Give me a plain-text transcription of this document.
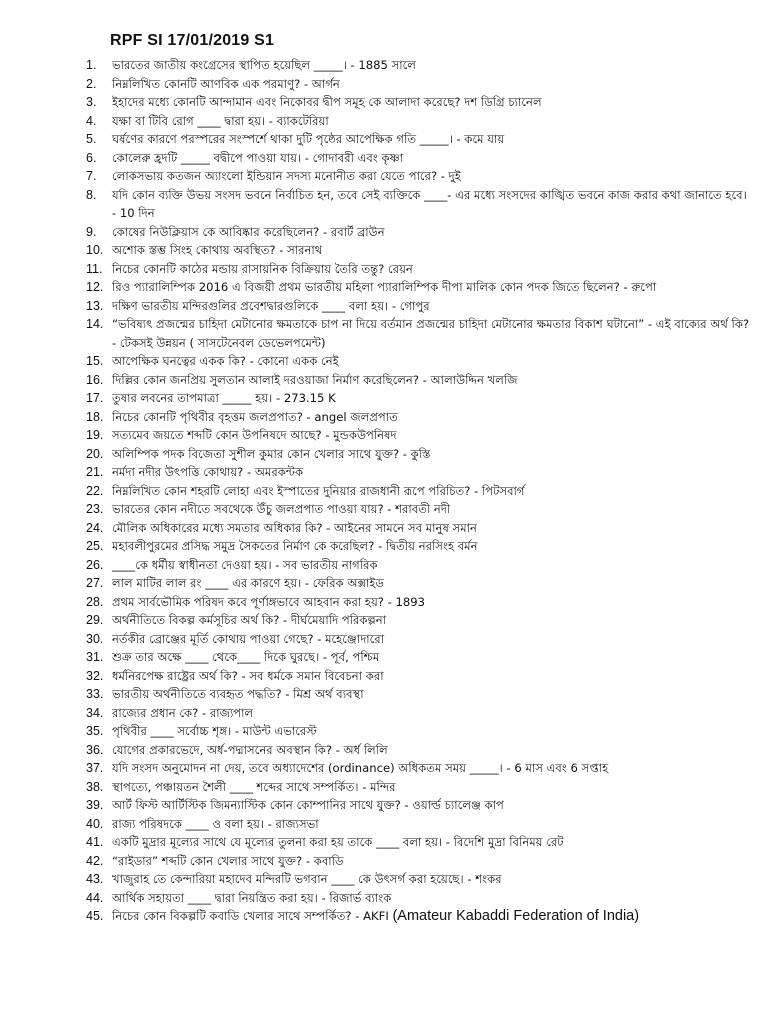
RPF SI 17/01/2019 S1
1.	ভারতের জাতীয় কংগ্রেসের স্থাপিত হয়েছিল _____। - 1885 সালে
2.	নিম্নলিখিত কোনটি আণবিক এক পরমাণু? - আর্গন
3.	ইহাদের মধ্যে কোনটি আন্দামান এবং নিকোবর দ্বীপ সমূহ কে আলাদা করেছে? দশ ডিগ্রি চ্যানেল
4.	যক্ষা বা টিবি রোগ ____ দ্বারা হয়। - ব্যাকটেরিয়া
5.	ঘর্ষণের কারণে পরস্পরের সংস্পর্শে থাকা দুটি পৃষ্ঠের আপেক্ষিক গতি _____। - কমে যায়
6.	কোলেরু হ্রদটি _____ বদ্বীপে পাওয়া যায়। - গোদাবরী এবং কৃষ্ণা
7.	লোকসভায় কতজন অ্যাংলো ইন্ডিয়ান সদস্য মনোনীত করা যেতে পারে? - দুই
8.	যদি কোন ব্যক্তি উভয় সংসদ ভবনে নির্বাচিত হন, তবে সেই ব্যক্তিকে ____- এর মধ্যে সংসদের কাঙ্খিত ভবনে কাজ করার কথা জানাতে হবে। - 10 দিন
9.	কোষের নিউক্লিয়াস কে আবিষ্কার করেছিলেন? - রবার্ট ব্রাউন
10. অশোক স্তম্ভ সিংহ কোথায় অবস্থিত? - সারনাথ
11. নিচের কোনটি কাঠের মন্ডায় রাসায়নিক বিক্রিয়ায় তৈরি তন্তু? রেয়ন
12. রিও প্যারালিম্পিক 2016 এ বিজয়ী প্রথম ভারতীয় মহিলা প্যারালিম্পিক দীপা মালিক কোন পদক জিতে ছিলেন? - রুপো
13. দক্ষিণ ভারতীয় মন্দিরগুলির প্রবেশদ্বারগুলিকে ____ বলা হয়। - গোপুর
14. “ভবিষ্যৎ প্রজন্মের চাহিদা মেটানোর ক্ষমতাকে চাপ না দিয়ে বর্তমান প্রজন্মের চাহিদা মেটানোর ক্ষমতার বিকাশ ঘটানো” - এই বাক্যের অর্থ কি? - টেকসই উন্নয়ন ( সাসটেনেবল ডেভেলপমেন্ট)
15. আপেক্ষিক ঘনত্বের একক কি? - কোনো একক নেই
16. দিল্লির কোন জনপ্রিয় সুলতান আলাই দরওয়াজা নির্মাণ করেছিলেন? - আলাউদ্দিন খলজি
17. তুষার লবনের তাপমাত্রা _____ হয়। - 273.15 K
18. নিচের কোনটি পৃথিবীর বৃহত্তম জলপ্রপাত? - angel জলপ্রপাত
19. সত্যমেব জয়তে শব্দটি কোন উপনিষদে আছে? - মুন্ডকউপনিষদ
20. অলিম্পিক পদক বিজেতা সুশীল কুমার কোন খেলার সাথে যুক্ত? - কুস্তি
21. নর্মদা নদীর উৎপত্তি কোথায়? - অমরকন্টক
22. নিম্নলিখিত কোন শহরটি লোহা এবং ইস্পাতের দুনিয়ার রাজধানী রূপে পরিচিত? - পিটসবার্গ
23. ভারতের কোন নদীতে সবথেকে উঁচু জলপ্রপাত পাওয়া যায়? - শরাবতী নদী
24. মৌলিক অধিকারের মধ্যে সমতার অধিকার কি? - আইনের সামনে সব মানুষ সমান
25. মহাবলীপুরমের প্রসিদ্ধ সমুদ্র সৈকতের নির্মাণ কে করেছিল? - দ্বিতীয় নরসিংহ বর্মন
26. ____কে ধর্মীয় স্বাধীনতা দেওয়া হয়। - সব ভারতীয় নাগরিক
27. লাল মাটির লাল রং ____ এর কারণে হয়। - ফেরিক অক্সাইড
28. প্রথম সার্বভৌমিক পরিষদ কবে পূর্ণাঙ্গভাবে আহবান করা হয়? - 1893
29. অর্থনীতিতে বিকল্প কর্মসূচির অর্থ কি? - দীর্ঘমেয়াদি পরিকল্পনা
30. নর্তকীর ব্রোঞ্জের মূর্তি কোথায় পাওয়া গেছে? - মহেঞ্জোদারো
31. শুক্র তার অক্ষে ____ থেকে____ দিকে ঘুরছে। - পূর্ব, পশ্চিম
32. ধর্মনিরপেক্ষ রাষ্ট্রের অর্থ কি? - সব ধর্মকে সমান বিবেচনা করা
33. ভারতীয় অর্থনীতিতে ব্যবহৃত পদ্ধতি? - মিশ্র অর্থ ব্যবস্থা
34. রাজ্যের প্রধান কে? - রাজ্যপাল
35. পৃথিবীর ____ সর্বোচ্চ শৃঙ্গ। - মাউন্ট এভারেস্ট
36. যোগের প্রকারভেদে, অর্ধ-পদ্মাসনের অবস্থান কি? - অর্ধ লিলি
37. যদি সংসদ অনুমোদন না দেয়, তবে অধ্যাদেশের (ordinance) অধিকতম সময় _____। - 6 মাস এবং 6 সপ্তাহ
38. স্থাপত্যে, পঞ্চায়তন শৈলী ____ শব্দের সাথে সম্পর্কিত। - মন্দির
39. আর্ট ফিস্ট আর্টিস্টিক জিমন্যাস্টিক কোন কোম্পানির সাথে যুক্ত? - ওয়ার্ল্ড চ্যালেঞ্জ কাপ
40. রাজ্য পরিষদকে ____ ও বলা হয়। - রাজ্যসভা
41. একটি মুদ্রার মূল্যের সাথে যে মূল্যের তুলনা করা হয় তাকে ____ বলা হয়। - বিদেশি মুদ্রা বিনিময় রেট
42. “রাইডার” শব্দটি কোন খেলার সাথে যুক্ত? - কবাডি
43. খাজুরাহ তে কেন্দারিয়া মহাদেব মন্দিরটি ভগবান ____ কে উৎসর্গ করা হয়েছে। - শংকর
44. আর্থিক সহায়তা ____ দ্বারা নিয়ন্ত্রিত করা হয়। - রিজার্ভ ব্যাংক
45. নিচের কোন বিকল্পটি কবাডি খেলার সাথে সম্পর্কিত? - AKFI (Amateur Kabaddi Federation of India)
